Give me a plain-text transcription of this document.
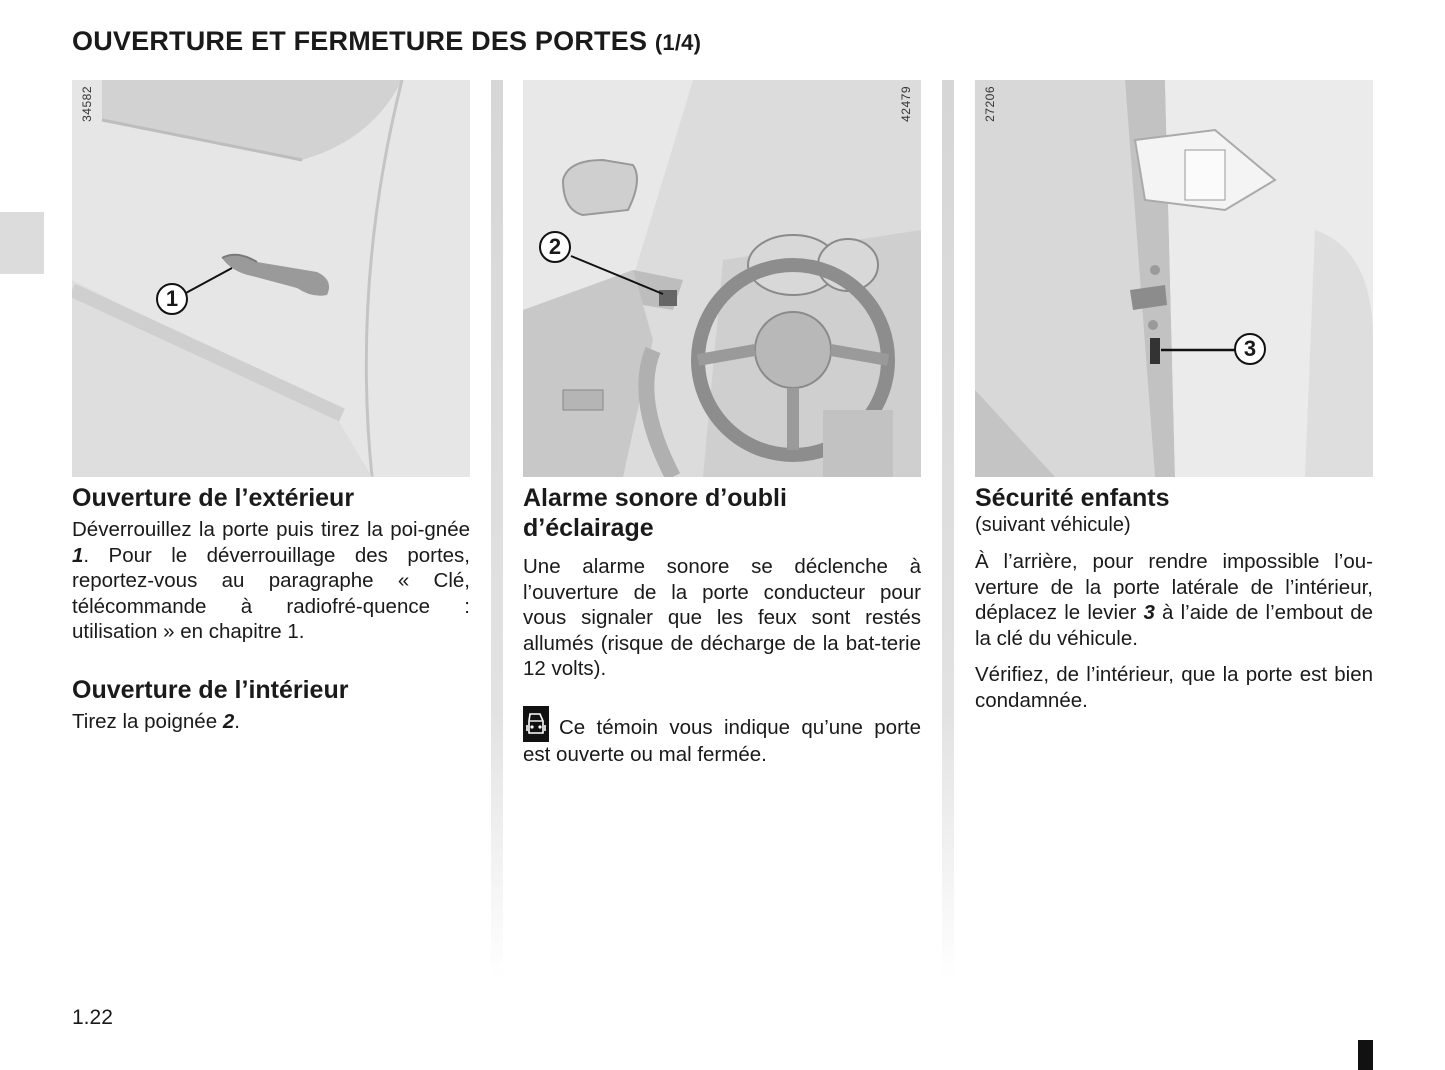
OUVERTURE ET FERMETURE DES PORTES (1/4)
34582
1
Ouverture de l’extérieur

Déverrouillez la porte puis tirez la poi-gnée 1. Pour le déverrouillage des portes, reportez-vous au paragraphe « Clé, télécommande à radiofré-quence : utilisation » en chapitre 1.

Ouverture de l’intérieur

Tirez la poignée 2.

42479
2
Alarme sonore d’oubli d’éclairage

Une alarme sonore se déclenche à l’ouverture de la porte conducteur pour vous signaler que les feux sont restés allumés (risque de décharge de la bat-terie 12 volts).

Ce témoin vous indique qu’une porte est ouverte ou mal fermée.

27206
3
Sécurité enfants
(suivant véhicule)

À l’arrière, pour rendre impossible l’ou-verture de la porte latérale de l’intérieur, déplacez le levier 3 à l’aide de l’embout de la clé du véhicule.

Vérifiez, de l’intérieur, que la porte est bien condamnée.

1.22
